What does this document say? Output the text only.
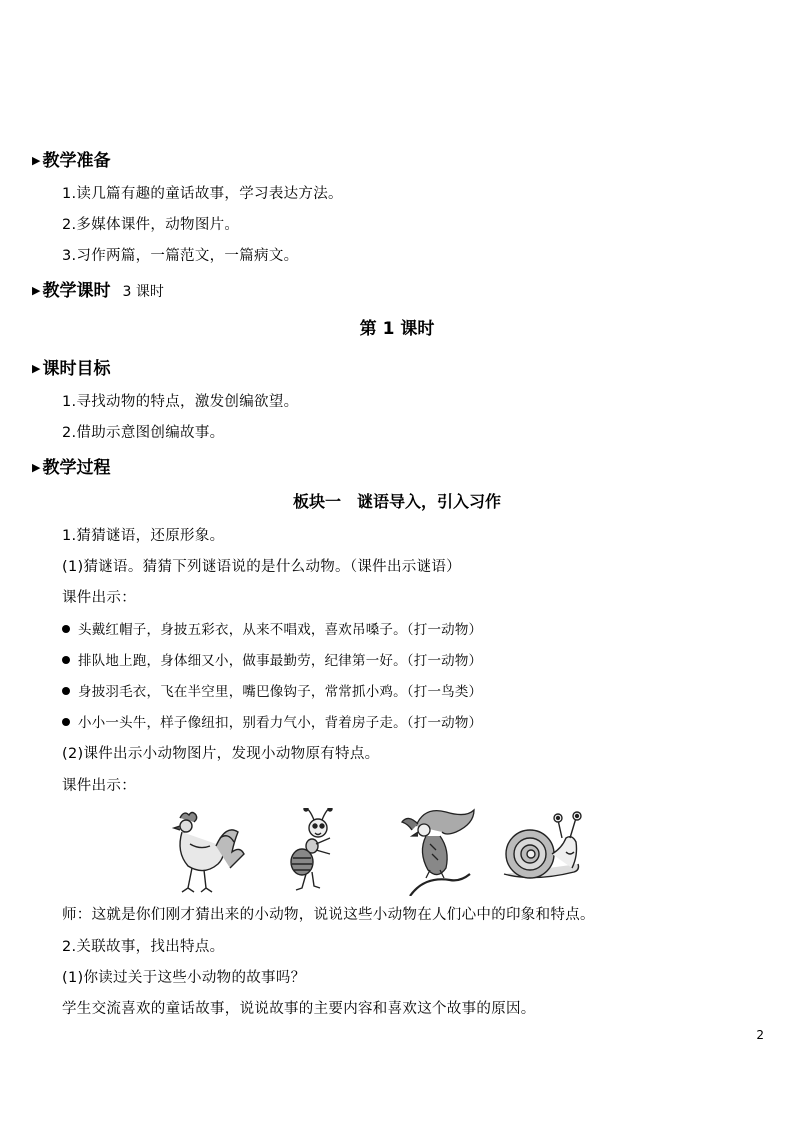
▶ 教学准备
1.读几篇有趣的童话故事，学习表达方法。
2.多媒体课件，动物图片。
3.习作两篇，一篇范文，一篇病文。
▶ 教学课时 3 课时
第 1 课时
▶ 课时目标
1.寻找动物的特点，激发创编欲望。
2.借助示意图创编故事。
▶ 教学过程
板块一　谜语导入，引入习作
1.猜猜谜语，还原形象。
(1)猜谜语。猜猜下列谜语说的是什么动物。（课件出示谜语）
课件出示：
头戴红帽子，身披五彩衣，从来不唱戏，喜欢吊嗓子。（打一动物）
排队地上跑，身体细又小，做事最勤劳，纪律第一好。（打一动物）
身披羽毛衣，飞在半空里，嘴巴像钩子，常常抓小鸡。（打一鸟类）
小小一头牛，样子像纽扣，别看力气小，背着房子走。（打一动物）
(2)课件出示小动物图片，发现小动物原有特点。
课件出示：
师：这就是你们刚才猜出来的小动物，说说这些小动物在人们心中的印象和特点。
2.关联故事，找出特点。
(1)你读过关于这些小动物的故事吗？
学生交流喜欢的童话故事，说说故事的主要内容和喜欢这个故事的原因。
2
